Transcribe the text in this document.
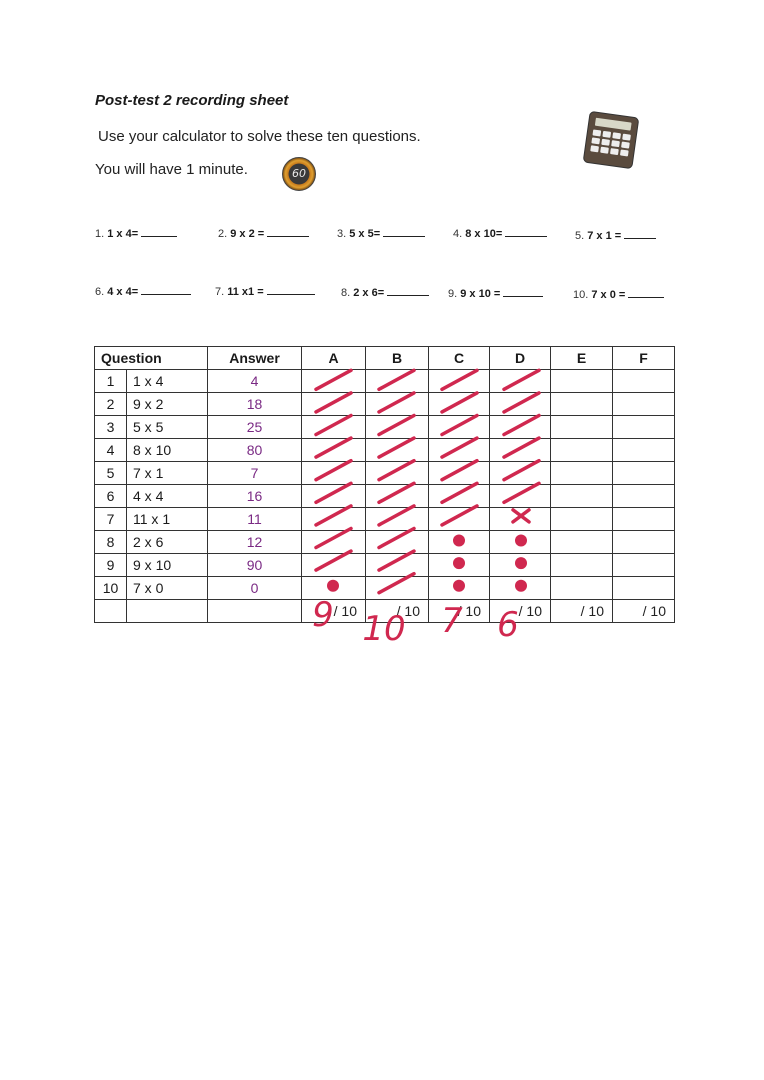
Post-test 2 recording sheet
Use your calculator to solve these ten questions.
You will have 1 minute.	60
1. 1 x 4=	2. 9 x 2 =	3. 5 x 5=	4. 8 x 10=	5. 7 x 1 =
6. 4 x 4=	7. 11 x1 =	8. 2 x 6=	9. 9 x 10 =	10. 7 x 0 =
Question		Answer	A	B	C	D	E	F
1	1 x 4	4						
2	9 x 2	18						
3	5 x 5	25						
4	8 x 10	80						
5	7 x 1	7						
6	4 x 4	16						
7	11 x 1	11						
8	2 x 6	12						
9	9 x 10	90						
10	7 x 0	0						
			/ 10	/ 10	/ 10	/ 10	/ 10	/ 10
9 10 7 6
